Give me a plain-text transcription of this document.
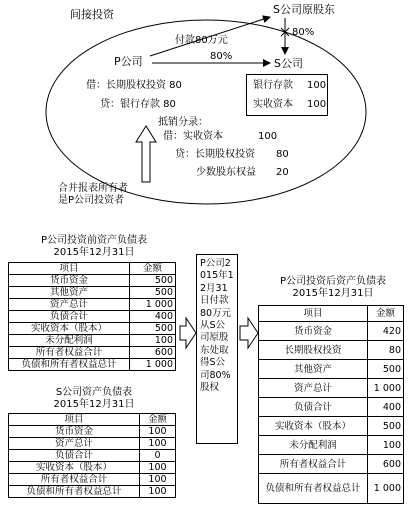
间接投资	S公司原股东
80%
付款80万元
P公司	80%
S公司
借：长期股权投资 80
贷：银行存款 80
银行存款 100
实收资本 100
抵销分录：
借：实收资本	100
贷：长期股权投资 80
少数股东权益 20
合并报表所有者
是P公司投资者
P公司投资前资产负债表
2015年12月31日
项目	金额
货币资金	500
其他资产	500
资产总计	1 000
负债合计	400
实收资本（股本）	500
未分配利润	100
所有者权益合计	600
负债和所有者权益总计	1 000
S公司资产负债表
2015年12月31日
项目	金额
货币资金	100
资产总计	100
负债合计	0
实收资本（股本）	100
所有者权益合计	100
负债和所有者权益总计	100
P公司2015年12月31日付款80万元从S公司原股东处取得S公司80%股权
P公司投资后资产负债表
2015年12月31日
项目	金额
货币资金	420
长期股权投资	80
其他资产	500
资产总计	1 000
负债合计	400
实收资本（股本）	500
未分配利润	100
所有者权益合计	600
负债和所有者权益总计	1 000
